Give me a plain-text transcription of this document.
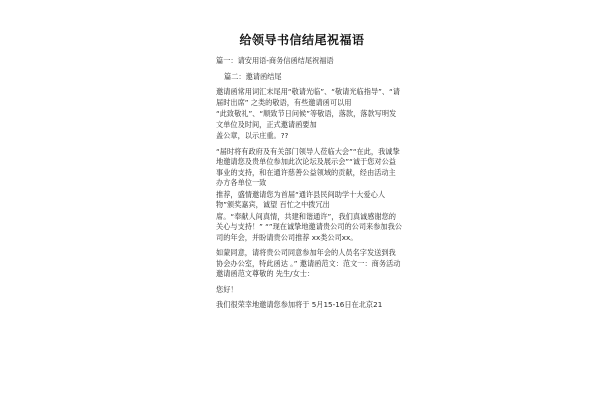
给领导书信结尾祝福语
篇一：请安用语-商务信函结尾祝福语
篇二：邀请函结尾
邀请函常用词汇末尾用“敬请光临”、“敬请光临指导”、“请届时出席” 之类的敬语，有些邀请函可以用
“此致敬礼”、“顺致节日问候”等敬语，落款，落款写明发文单位及时间，正式邀请函要加
盖公章，以示庄重。??
“届时将有政府及有关部门领导人莅临大会”“在此，我诚挚地邀请您及贵单位参加此次论坛及展示会”“诚于您对公益事业的支持，和在通许慈善公益领域的贡献，经由活动主办方各单位一致
推荐，盛情邀请您为首届“通许县民间助学十大爱心人物”颁奖嘉宾，诚望 百忙之中拨冗出
席。“奉献人间真情，共建和谐通许”，我们真诚感谢您的关心与支持！” “”现在诚挚地邀请贵公司的公司来参加我公司的年会，并盼请贵公司推荐 xx类公司xx。
如蒙同意，请将贵公司同意参加年会的人员名字发送到我协会办公室，特此函达 。” 邀请函范文：范文一：商务活动邀请函范文尊敬的 先生/女士：
您好！
我们很荣幸地邀请您参加将于 5月15-16日在北京21
